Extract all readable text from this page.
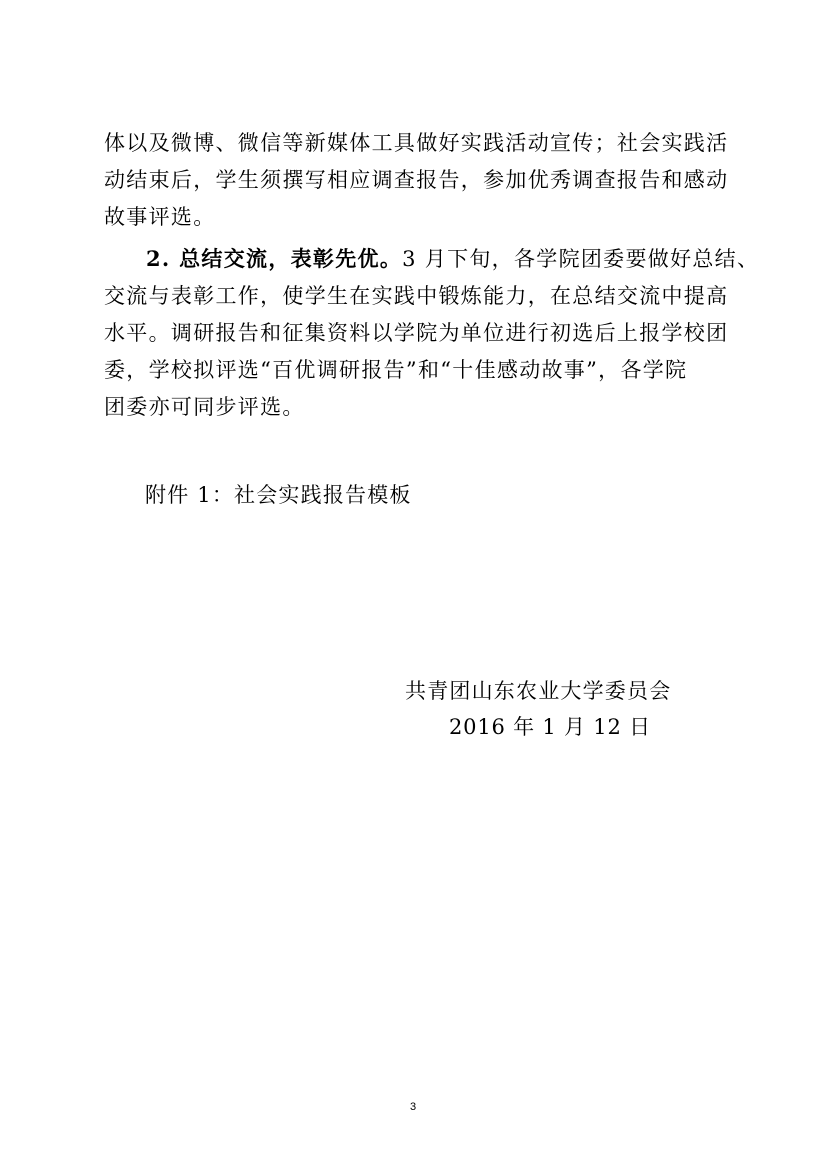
体以及微博、微信等新媒体工具做好实践活动宣传；社会实践活
动结束后，学生须撰写相应调查报告，参加优秀调查报告和感动
故事评选。
2. 总结交流，表彰先优。3 月下旬，各学院团委要做好总结、
交流与表彰工作，使学生在实践中锻炼能力，在总结交流中提高
水平。调研报告和征集资料以学院为单位进行初选后上报学校团
委，学校拟评选“百优调研报告”和“十佳感动故事”，各学院
团委亦可同步评选。
附件 1：社会实践报告模板
共青团山东农业大学委员会
2016 年 1 月 12 日
3
